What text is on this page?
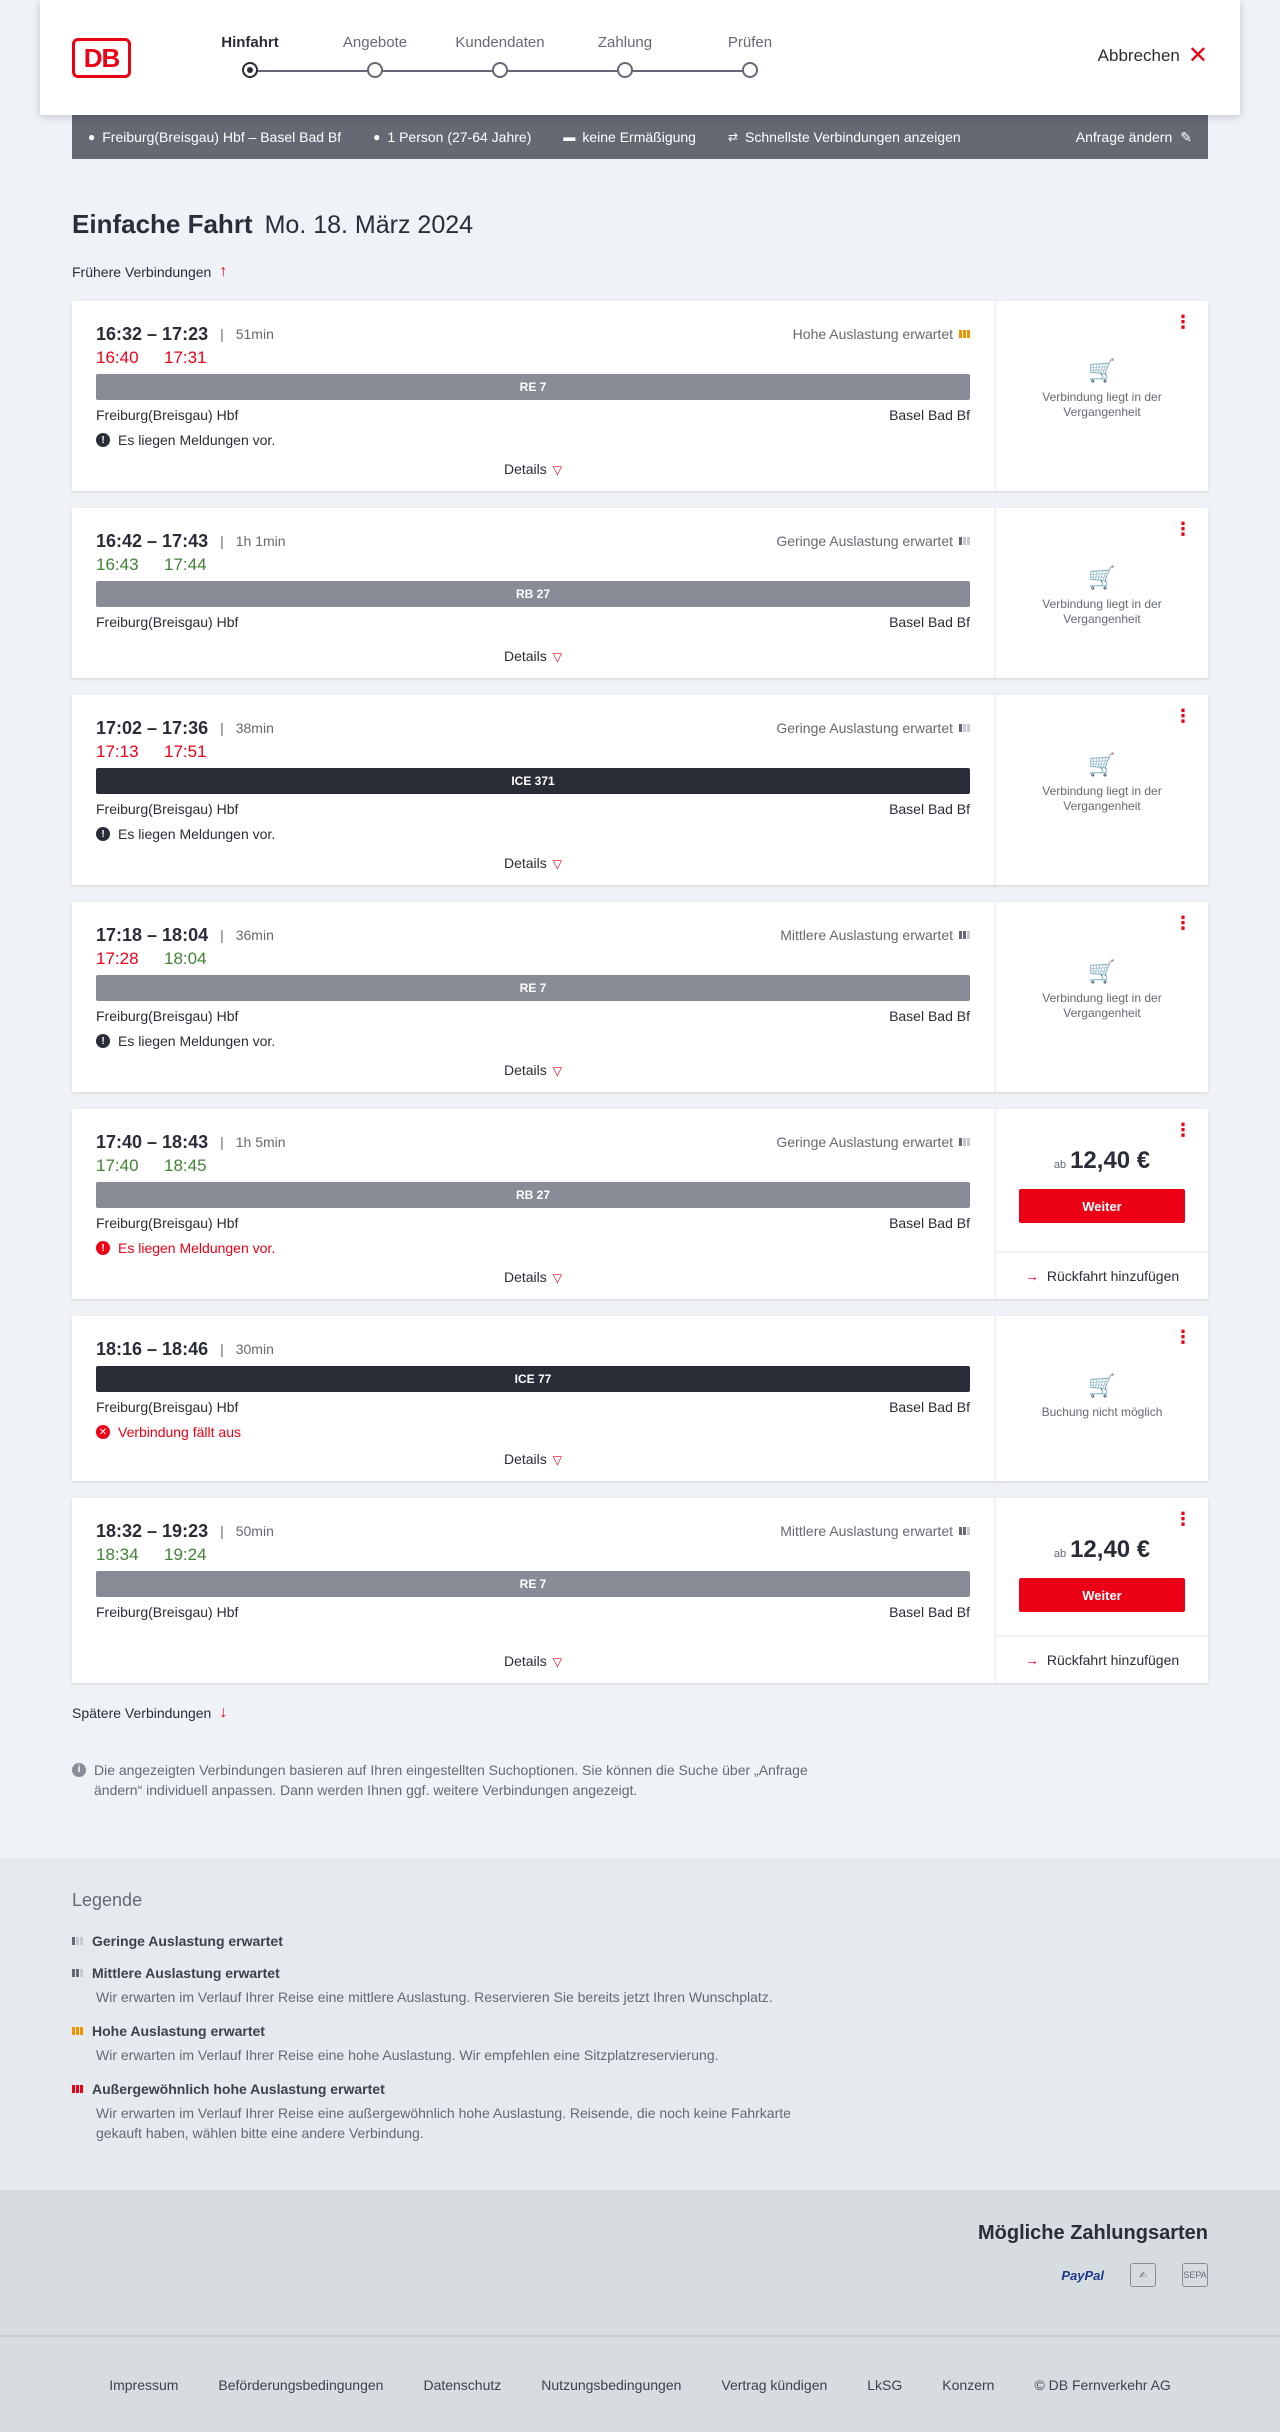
DB	Hinfahrt	Angebote	Kundendaten	Zahlung	Prüfen
Abbrechen ✕
● Freiburg(Breisgau) Hbf – Basel Bad Bf	● 1 Person (27-64 Jahre)	▬ keine Ermäßigung	⇄ Schnellste Verbindungen anzeigen	Anfrage ändern ✎
Einfache Fahrt Mo. 18. März 2024
Frühere Verbindungen ↑
16:32 – 17:23 | 51min	Hohe Auslastung erwartet
16:40	17:31
RE 7
Freiburg(Breisgau) Hbf	Basel Bad Bf
! Es liegen Meldungen vor.
Details ▽
⋮
🛒
Verbindung liegt in der Vergangenheit
16:42 – 17:43 | 1h 1min	Geringe Auslastung erwartet
16:43	17:44
RB 27
Freiburg(Breisgau) Hbf	Basel Bad Bf
Details ▽
⋮
🛒
Verbindung liegt in der Vergangenheit
17:02 – 17:36 | 38min	Geringe Auslastung erwartet
17:13	17:51
ICE 371
Freiburg(Breisgau) Hbf	Basel Bad Bf
! Es liegen Meldungen vor.
Details ▽
⋮
🛒
Verbindung liegt in der Vergangenheit
17:18 – 18:04 | 36min	Mittlere Auslastung erwartet
17:28	18:04
RE 7
Freiburg(Breisgau) Hbf	Basel Bad Bf
! Es liegen Meldungen vor.
Details ▽
⋮
🛒
Verbindung liegt in der Vergangenheit
17:40 – 18:43 | 1h 5min	Geringe Auslastung erwartet
17:40	18:45
RB 27
Freiburg(Breisgau) Hbf	Basel Bad Bf
! Es liegen Meldungen vor.
Details ▽
⋮
ab 12,40 €
Weiter
→ Rückfahrt hinzufügen
18:16 – 18:46 | 30min
ICE 77
Freiburg(Breisgau) Hbf	Basel Bad Bf
✕ Verbindung fällt aus
Details ▽
⋮
🛒
Buchung nicht möglich
18:32 – 19:23 | 50min	Mittlere Auslastung erwartet
18:34	19:24
RE 7
Freiburg(Breisgau) Hbf	Basel Bad Bf
Details ▽
⋮
ab 12,40 €
Weiter
→ Rückfahrt hinzufügen
Spätere Verbindungen ↓
i Die angezeigten Verbindungen basieren auf Ihren eingestellten Suchoptionen. Sie können die Suche über „Anfrage ändern“ individuell anpassen. Dann werden Ihnen ggf. weitere Verbindungen angezeigt.
Legende
Geringe Auslastung erwartet
Mittlere Auslastung erwartet
Wir erwarten im Verlauf Ihrer Reise eine mittlere Auslastung. Reservieren Sie bereits jetzt Ihren Wunschplatz.
Hohe Auslastung erwartet
Wir erwarten im Verlauf Ihrer Reise eine hohe Auslastung. Wir empfehlen eine Sitzplatzreservierung.
Außergewöhnlich hohe Auslastung erwartet
Wir erwarten im Verlauf Ihrer Reise eine außergewöhnlich hohe Auslastung. Reisende, die noch keine Fahrkarte gekauft haben, wählen bitte eine andere Verbindung.
Mögliche Zahlungsarten
PayPal	✍	SEPA
Impressum	Beförderungsbedingungen	Datenschutz	Nutzungsbedingungen	Vertrag kündigen	LkSG	Konzern	© DB Fernverkehr AG
